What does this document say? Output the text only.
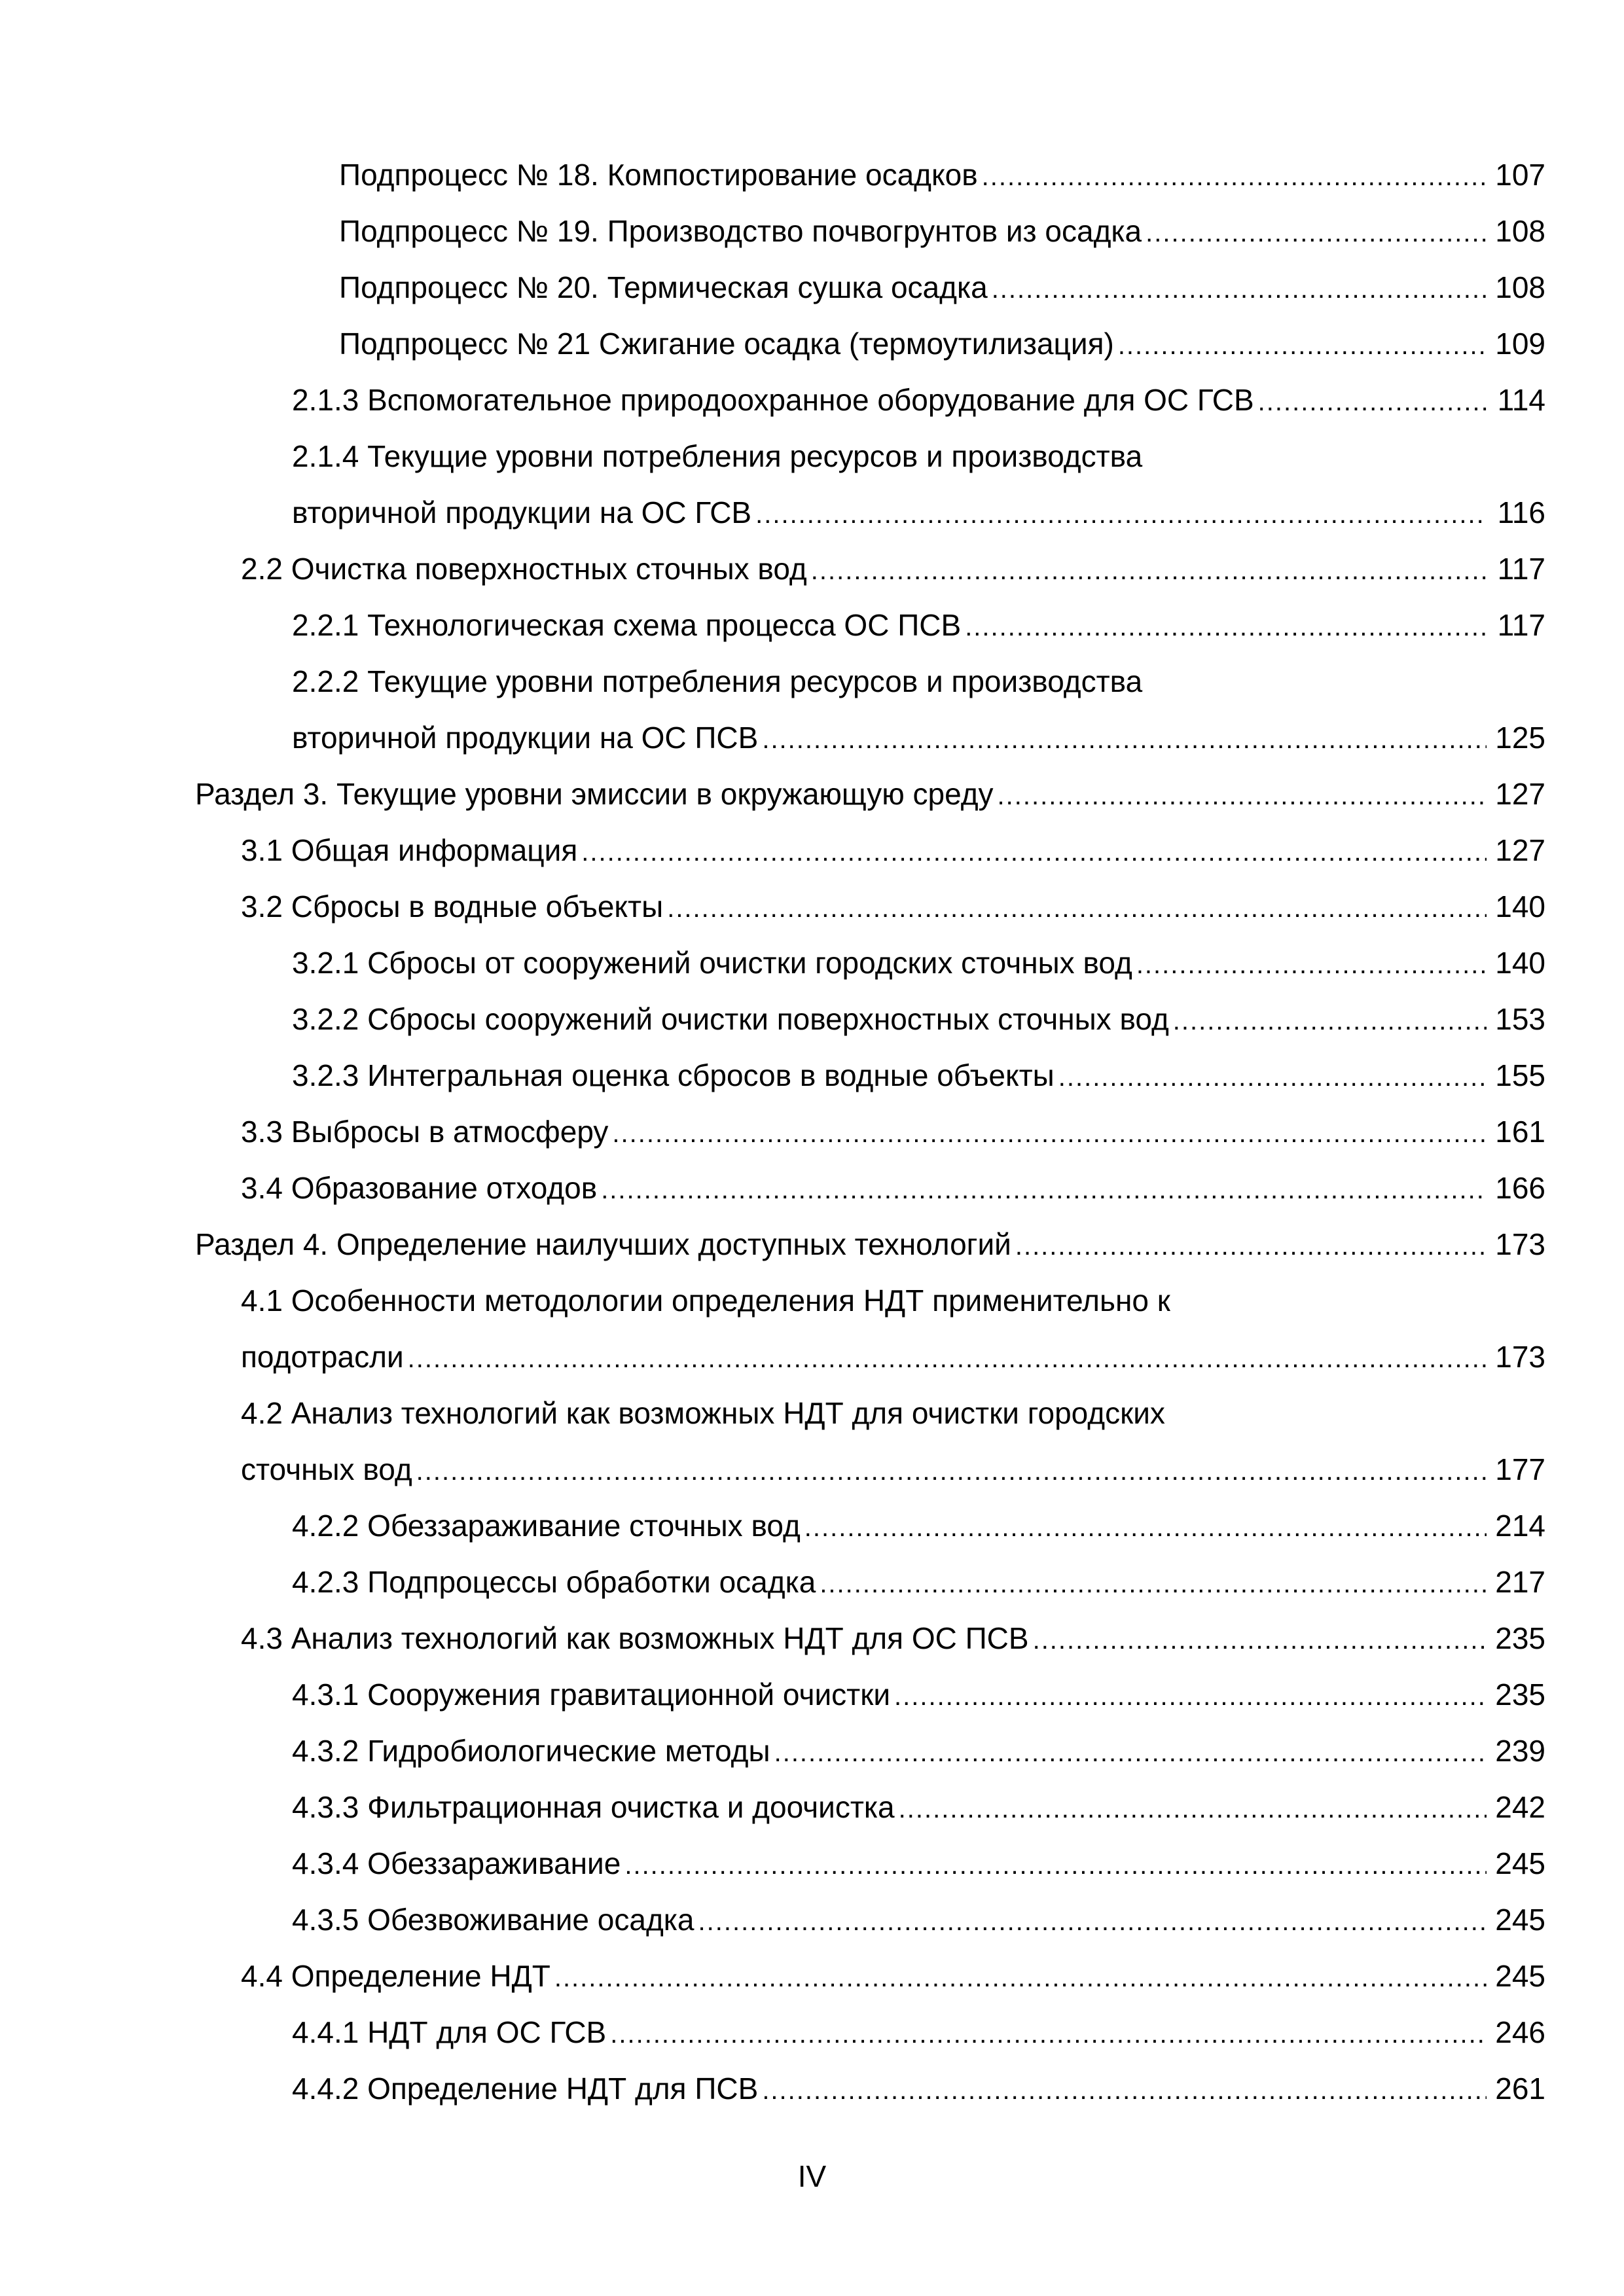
Подпроцесс № 18. Компостирование осадков .....	107
Подпроцесс № 19. Производство почвогрунтов из осадка .....	108
Подпроцесс № 20. Термическая сушка осадка .....	108
Подпроцесс № 21 Сжигание осадка (термоутилизация) .....	109
2.1.3 Вспомогательное природоохранное оборудование для ОС ГСВ .....	114
2.1.4 Текущие уровни потребления ресурсов и производства
вторичной продукции на ОС ГСВ .....	116
2.2 Очистка поверхностных сточных вод .....	117
2.2.1 Технологическая схема процесса ОС ПСВ .....	117
2.2.2 Текущие уровни потребления ресурсов и производства
вторичной продукции на ОС ПСВ .....	125
Раздел 3. Текущие уровни эмиссии в окружающую среду .....	127
3.1 Общая информация .....	127
3.2 Сбросы в водные объекты .....	140
3.2.1 Сбросы от сооружений очистки городских сточных вод .....	140
3.2.2 Сбросы сооружений очистки поверхностных сточных вод .....	153
3.2.3 Интегральная оценка сбросов в водные объекты .....	155
3.3 Выбросы в атмосферу .....	161
3.4 Образование отходов .....	166
Раздел 4. Определение наилучших доступных технологий .....	173
4.1 Особенности методологии определения НДТ применительно к
подотрасли .....	173
4.2 Анализ технологий как возможных НДТ для очистки городских
сточных вод .....	177
4.2.2 Обеззараживание сточных вод .....	214
4.2.3 Подпроцессы обработки осадка .....	217
4.3 Анализ технологий как возможных НДТ для ОС ПСВ .....	235
4.3.1 Сооружения гравитационной очистки .....	235
4.3.2 Гидробиологические методы .....	239
4.3.3 Фильтрационная очистка и доочистка .....	242
4.3.4 Обеззараживание .....	245
4.3.5 Обезвоживание осадка .....	245
4.4 Определение НДТ .....	245
4.4.1 НДТ для ОС ГСВ .....	246
4.4.2 Определение НДТ для ПСВ .....	261
IV
